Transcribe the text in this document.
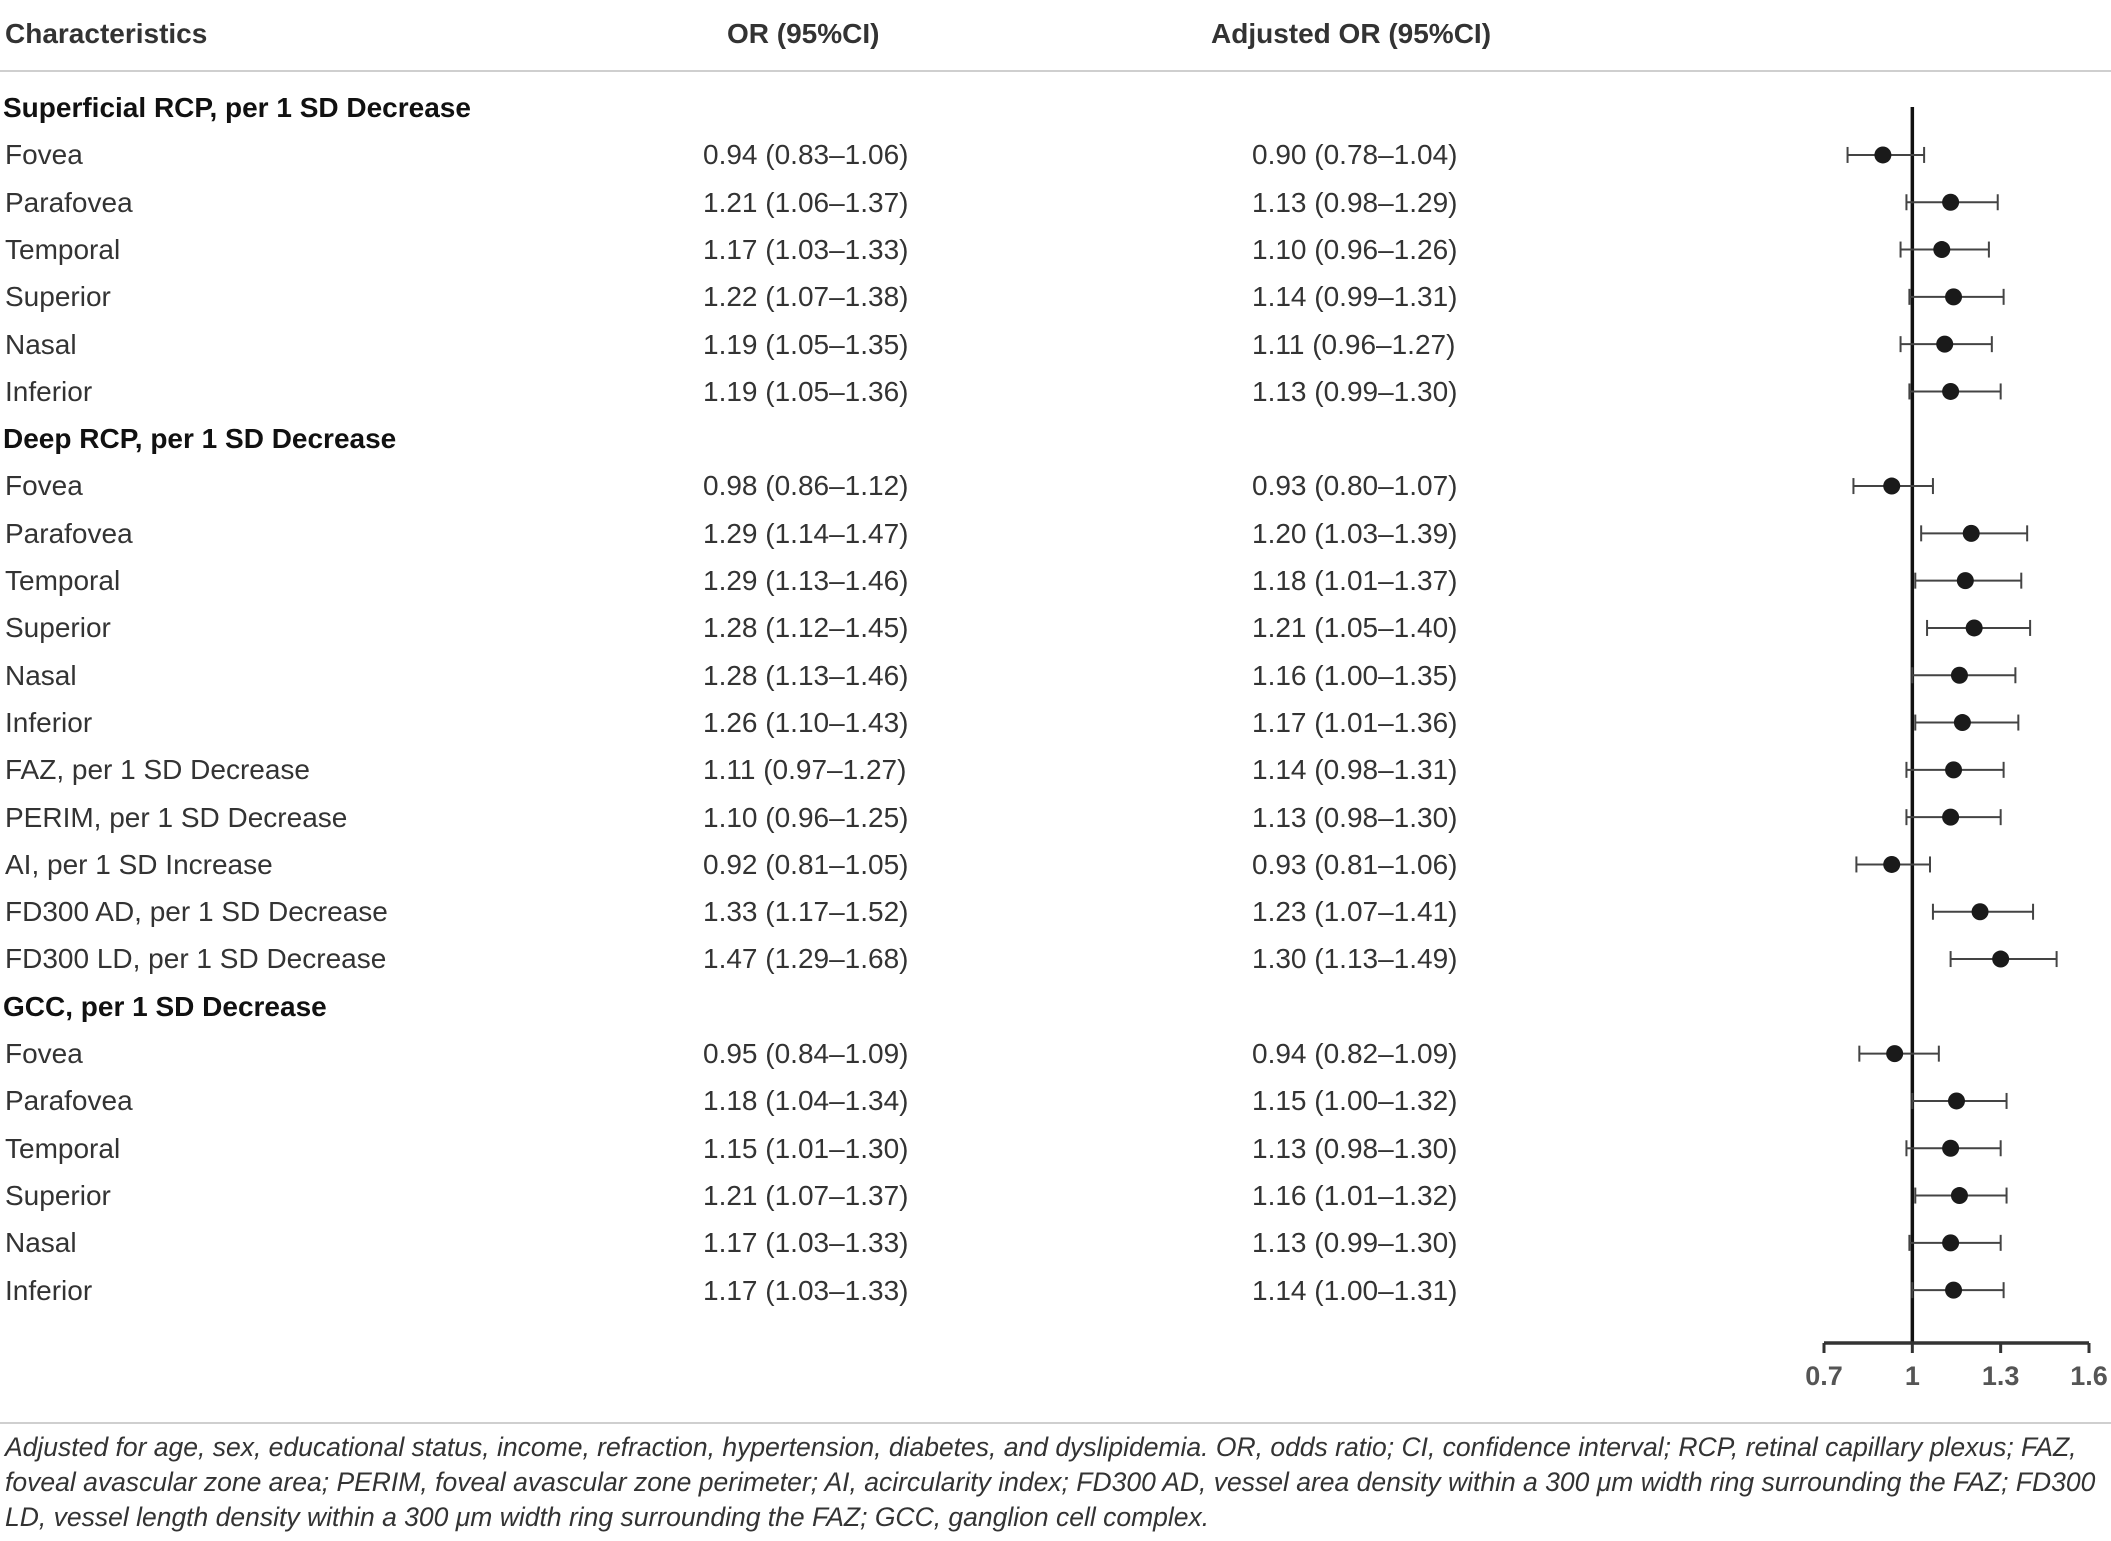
Characteristics	OR (95%CI)	Adjusted OR (95%CI)
Superficial RCP, per 1 SD Decrease
Fovea	0.94 (0.83–1.06)	0.90 (0.78–1.04)
Parafovea	1.21 (1.06–1.37)	1.13 (0.98–1.29)
Temporal	1.17 (1.03–1.33)	1.10 (0.96–1.26)
Superior	1.22 (1.07–1.38)	1.14 (0.99–1.31)
Nasal	1.19 (1.05–1.35)	1.11 (0.96–1.27)
Inferior	1.19 (1.05–1.36)	1.13 (0.99–1.30)
Deep RCP, per 1 SD Decrease
Fovea	0.98 (0.86–1.12)	0.93 (0.80–1.07)
Parafovea	1.29 (1.14–1.47)	1.20 (1.03–1.39)
Temporal	1.29 (1.13–1.46)	1.18 (1.01–1.37)
Superior	1.28 (1.12–1.45)	1.21 (1.05–1.40)
Nasal	1.28 (1.13–1.46)	1.16 (1.00–1.35)
Inferior	1.26 (1.10–1.43)	1.17 (1.01–1.36)
FAZ, per 1 SD Decrease	1.11 (0.97–1.27)	1.14 (0.98–1.31)
PERIM, per 1 SD Decrease	1.10 (0.96–1.25)	1.13 (0.98–1.30)
AI, per 1 SD Increase	0.92 (0.81–1.05)	0.93 (0.81–1.06)
FD300 AD, per 1 SD Decrease	1.33 (1.17–1.52)	1.23 (1.07–1.41)
FD300 LD, per 1 SD Decrease	1.47 (1.29–1.68)	1.30 (1.13–1.49)
GCC, per 1 SD Decrease
Fovea	0.95 (0.84–1.09)	0.94 (0.82–1.09)
Parafovea	1.18 (1.04–1.34)	1.15 (1.00–1.32)
Temporal	1.15 (1.01–1.30)	1.13 (0.98–1.30)
Superior	1.21 (1.07–1.37)	1.16 (1.01–1.32)
Nasal	1.17 (1.03–1.33)	1.13 (0.99–1.30)
Inferior	1.17 (1.03–1.33)	1.14 (1.00–1.31)
0.7 1 1.3 1.6
Adjusted for age, sex, educational status, income, refraction, hypertension, diabetes, and dyslipidemia. OR, odds ratio; CI, confidence interval; RCP, retinal capillary plexus; FAZ, foveal avascular zone area; PERIM, foveal avascular zone perimeter; AI, acircularity index; FD300 AD, vessel area density within a 300 μm width ring surrounding the FAZ; FD300 LD, vessel length density within a 300 μm width ring surrounding the FAZ; GCC, ganglion cell complex.
